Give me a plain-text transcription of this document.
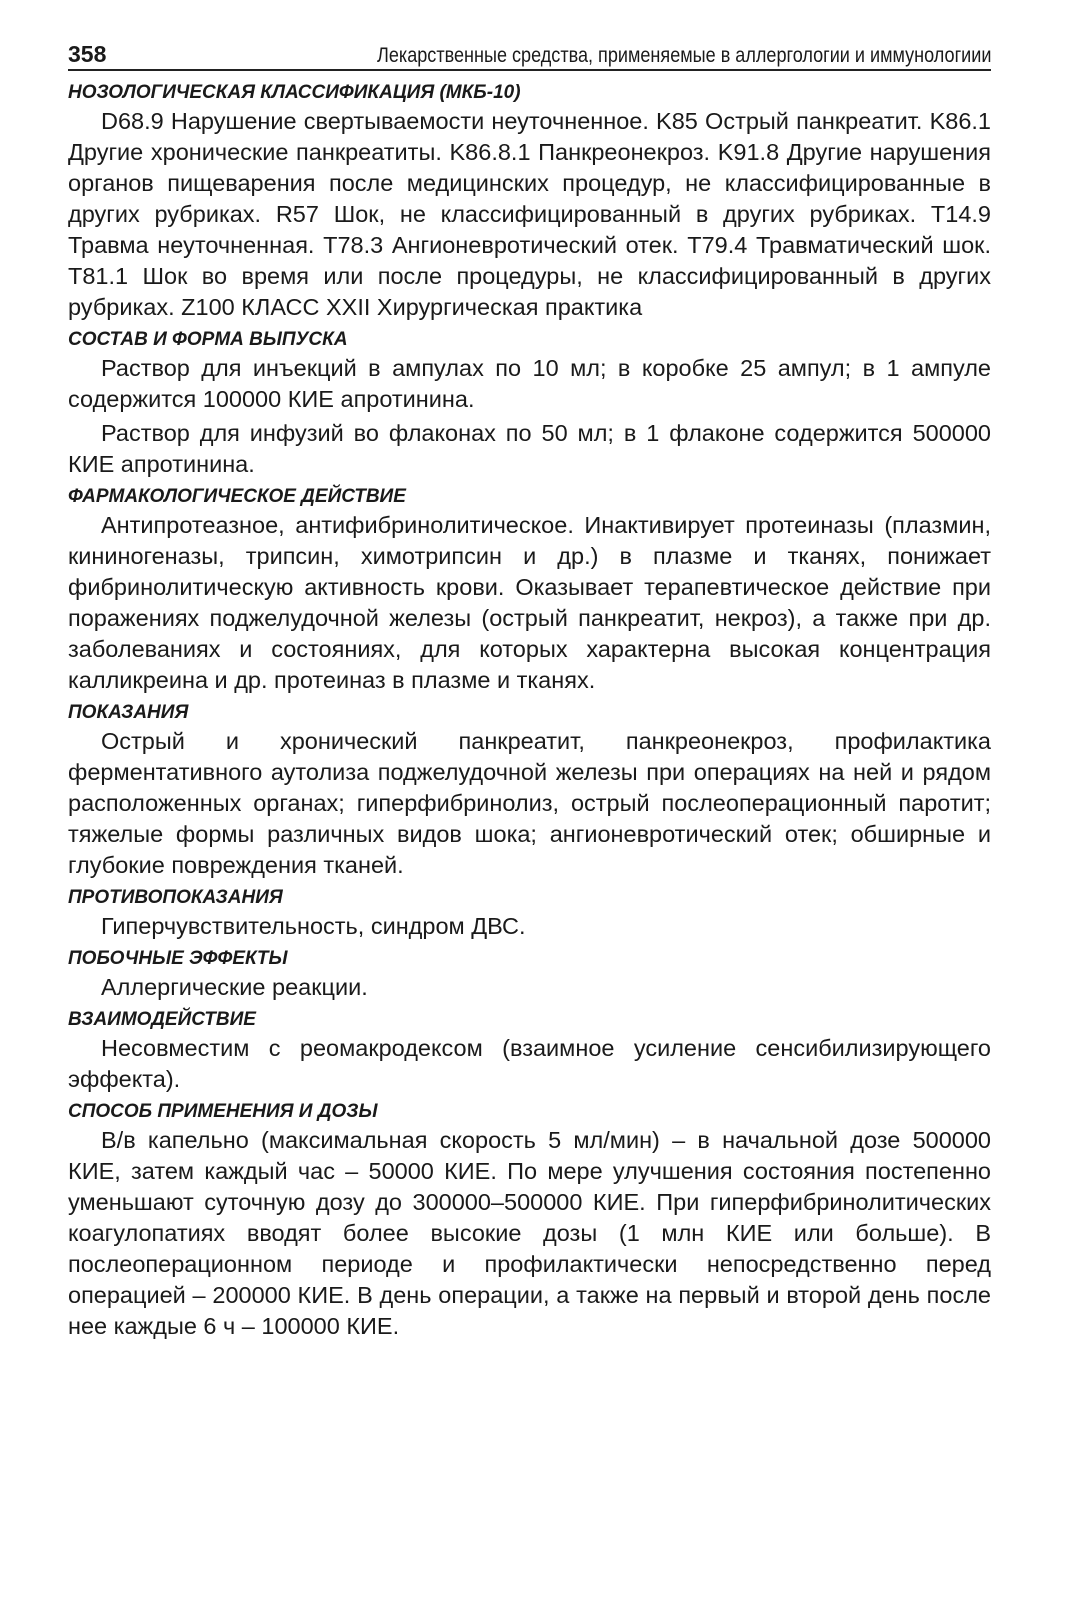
358	Лекарственные средства, применяемые в аллергологии и иммунологиии
НОЗОЛОГИЧЕСКАЯ КЛАССИФИКАЦИЯ (МКБ-10)

D68.9 Нарушение свертываемости неуточненное. K85 Острый панкреатит. K86.1 Другие хронические панкреатиты. K86.8.1 Панкреонекроз. K91.8 Другие нарушения органов пищеварения после медицинских процедур, не классифицированные в других рубриках. R57 Шок, не классифицированный в других рубриках. T14.9 Травма неуточненная. T78.3 Ангионевротический отек. T79.4 Травматический шок. T81.1 Шок во время или после процедуры, не классифицированный в других рубриках. Z100 КЛАСС XXII Хирургическая практика

СОСТАВ И ФОРМА ВЫПУСКА

Раствор для инъекций в ампулах по 10 мл; в коробке 25 ампул; в 1 ампуле содержится 100000 КИЕ апротинина.

Раствор для инфузий во флаконах по 50 мл; в 1 флаконе содержится 500000 КИЕ апротинина.

ФАРМАКОЛОГИЧЕСКОЕ ДЕЙСТВИЕ

Антипротеазное, антифибринолитическое. Инактивирует протеиназы (плазмин, кининогеназы, трипсин, химотрипсин и др.) в плазме и тканях, понижает фибринолитическую активность крови. Оказывает терапевтическое действие при поражениях поджелудочной железы (острый панкреатит, некроз), а также при др. заболеваниях и состояниях, для которых характерна высокая концентрация калликреина и др. протеиназ в плазме и тканях.

ПОКАЗАНИЯ

Острый и хронический панкреатит, панкреонекроз, профилактика ферментативного аутолиза поджелудочной железы при операциях на ней и рядом расположенных органах; гиперфибринолиз, острый послеоперационный паротит; тяжелые формы различных видов шока; ангионевротический отек; обширные и глубокие повреждения тканей.

ПРОТИВОПОКАЗАНИЯ

Гиперчувствительность, синдром ДВС.

ПОБОЧНЫЕ ЭФФЕКТЫ

Аллергические реакции.

ВЗАИМОДЕЙСТВИЕ

Несовместим с реомакродексом (взаимное усиление сенсибилизирующего эффекта).

СПОСОБ ПРИМЕНЕНИЯ И ДОЗЫ

В/в капельно (максимальная скорость 5 мл/мин) – в начальной дозе 500000 КИЕ, затем каждый час – 50000 КИЕ. По мере улучшения состояния постепенно уменьшают суточную дозу до 300000–500000 КИЕ. При гиперфибринолитических коагулопатиях вводят более высокие дозы (1 млн КИЕ или больше). В послеоперационном периоде и профилактически непосредственно перед операцией – 200000 КИЕ. В день операции, а также на первый и второй день после нее каждые 6 ч – 100000 КИЕ.
